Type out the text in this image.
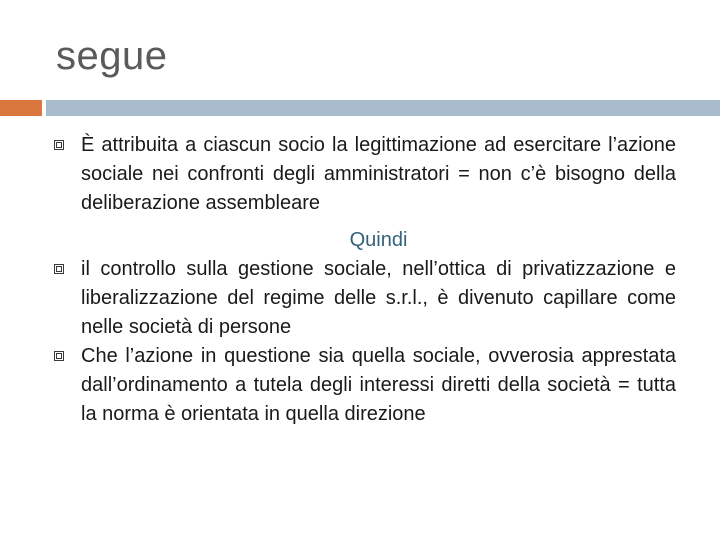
segue
È attribuita a ciascun socio la legittimazione ad esercitare l’azione sociale nei confronti degli amministratori = non c’è bisogno della deliberazione assembleare
Quindi
il controllo sulla gestione sociale, nell’ottica di privatizzazione e liberalizzazione del regime delle s.r.l., è divenuto capillare come nelle società di persone
Che l’azione in questione sia quella sociale, ovverosia apprestata dall’ordinamento a tutela degli interessi diretti della società = tutta la norma è orientata in quella direzione
